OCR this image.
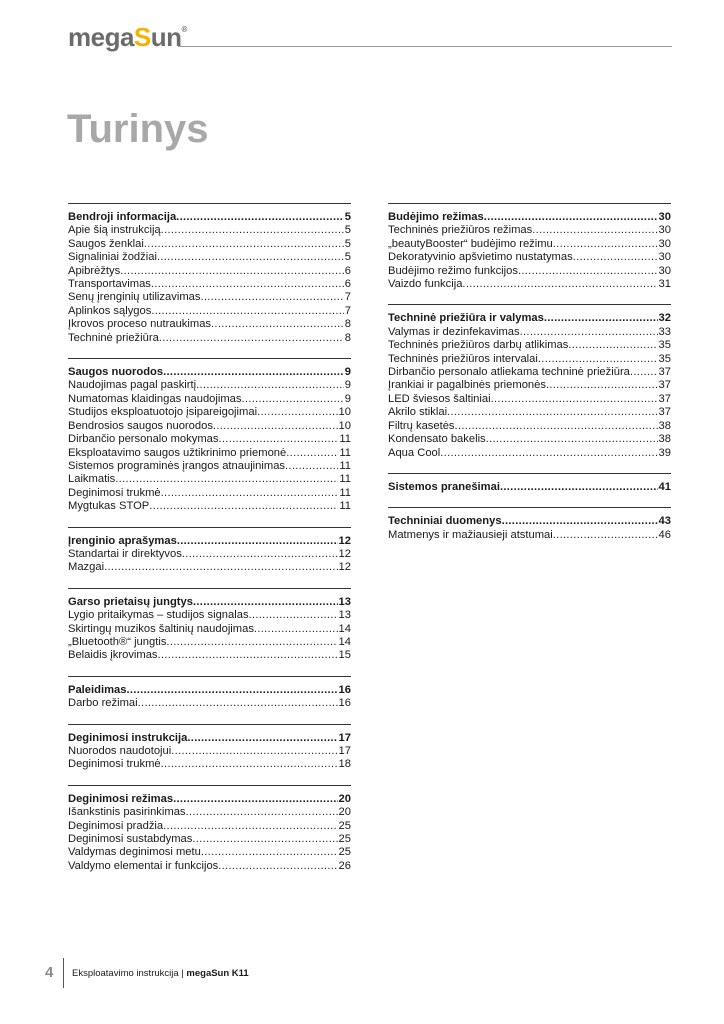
megaSun®
Turinys
Bendroji informacija .....	5
Apie šią instrukciją .....	5
Saugos ženklai .....	5
Signaliniai žodžiai .....	5
Apibrėžtys .....	6
Transportavimas .....	6
Senų įrenginių utilizavimas .....	7
Aplinkos sąlygos .....	7
Įkrovos proceso nutraukimas .....	8
Techninė priežiūra .....	8
Saugos nuorodos .....	9
Naudojimas pagal paskirtį .....	9
Numatomas klaidingas naudojimas .....	9
Studijos eksploatuotojo įsipareigojimai .....	10
Bendrosios saugos nuorodos .....	10
Dirbančio personalo mokymas .....	11
Eksploatavimo saugos užtikrinimo priemonė .....	11
Sistemos programinės įrangos atnaujinimas .....	11
Laikmatis .....	11
Deginimosi trukmė .....	11
Mygtukas STOP .....	11
Įrenginio aprašymas .....	12
Standartai ir direktyvos .....	12
Mazgai .....	12
Garso prietaisų jungtys .....	13
Lygio pritaikymas – studijos signalas .....	13
Skirtingų muzikos šaltinių naudojimas .....	14
„Bluetooth®“ jungtis .....	14
Belaidis įkrovimas .....	15
Paleidimas .....	16
Darbo režimai .....	16
Deginimosi instrukcija .....	17
Nuorodos naudotojui .....	17
Deginimosi trukmė .....	18
Deginimosi režimas .....	20
Išankstinis pasirinkimas .....	20
Deginimosi pradžia .....	25
Deginimosi sustabdymas .....	25
Valdymas deginimosi metu .....	25
Valdymo elementai ir funkcijos .....	26
Budėjimo režimas .....	30
Techninės priežiūros režimas .....	30
„beautyBooster“ budėjimo režimu .....	30
Dekoratyvinio apšvietimo nustatymas .....	30
Budėjimo režimo funkcijos .....	30
Vaizdo funkcija .....	31
Techninė priežiūra ir valymas .....	32
Valymas ir dezinfekavimas .....	33
Techninės priežiūros darbų atlikimas .....	35
Techninės priežiūros intervalai .....	35
Dirbančio personalo atliekama techninė priežiūra .....	37
Įrankiai ir pagalbinės priemonės .....	37
LED šviesos šaltiniai .....	37
Akrilo stiklai .....	37
Filtrų kasetės .....	38
Kondensato bakelis .....	38
Aqua Cool .....	39
Sistemos pranešimai .....	41
Techniniai duomenys .....	43
Matmenys ir mažiausieji atstumai .....	46
4 Eksploatavimo instrukcija | megaSun K11
